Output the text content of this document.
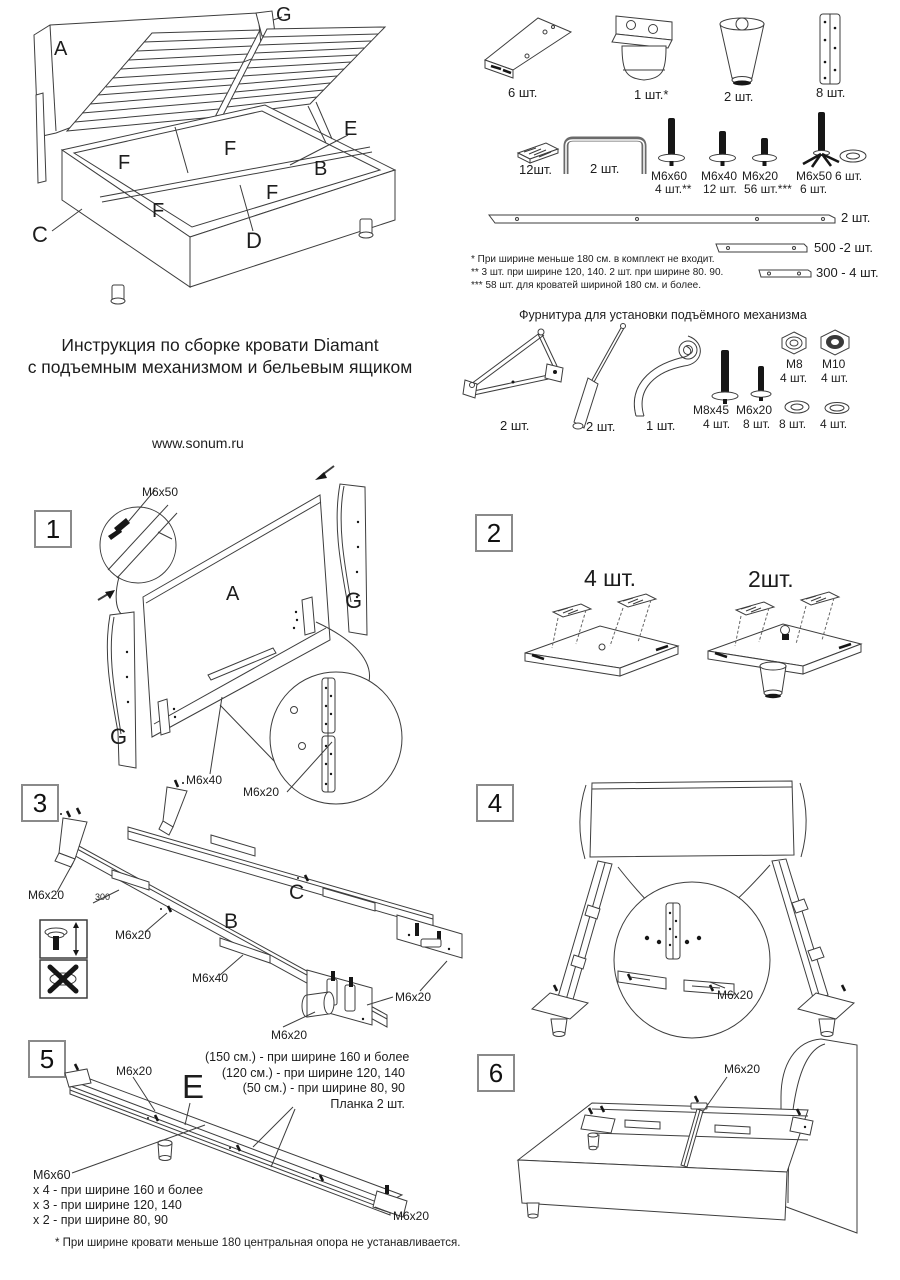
G
A
E
B
C	D
F
F
F
F
6 шт.	1 шт.*	2 шт.	8 шт.
12шт.	2 шт.	M6x60
4 шт.**
M6x40
12 шт.
M6x20
56 шт.***
M6x50
6 шт.
6 шт.
2 шт.
500 -2 шт.
300 - 4 шт.
* При ширине меньше 180 см. в комплект не входит.
** 3 шт. при ширине 120, 140. 2 шт. при ширине 80. 90.
*** 58 шт. для кроватей шириной 180 см. и более.
Фурнитура для установки подъёмного механизма
2 шт.	2 шт. 1 шт.
M8x45
4 шт.
M6x20
8 шт.
M8
4 шт.
M10
4 шт.
8 шт. 4 шт.
Инструкция по сборке кровати Diamant
с подъемным механизмом и бельевым ящиком
www.sonum.ru
1
M6x50
A	G
G
M6x40
M6x20
2
4 шт.	2шт.
3
M6x20	300
M6x20
B
C
M6x40
M6x20
M6x20
4
M6x20
5	M6x20 E
(150 см.) - при ширине 160 и более
(120 см.) - при ширине 120, 140
(50 см.) - при ширине 80, 90
Планка 2 шт.
M6x60
x 4 - при ширине 160 и более
x 3 - при ширине 120, 140
x 2 - при ширине 80, 90	M6x20
* При ширине кровати меньше 180 центральная опора не устанавливается.
6	M6x20
